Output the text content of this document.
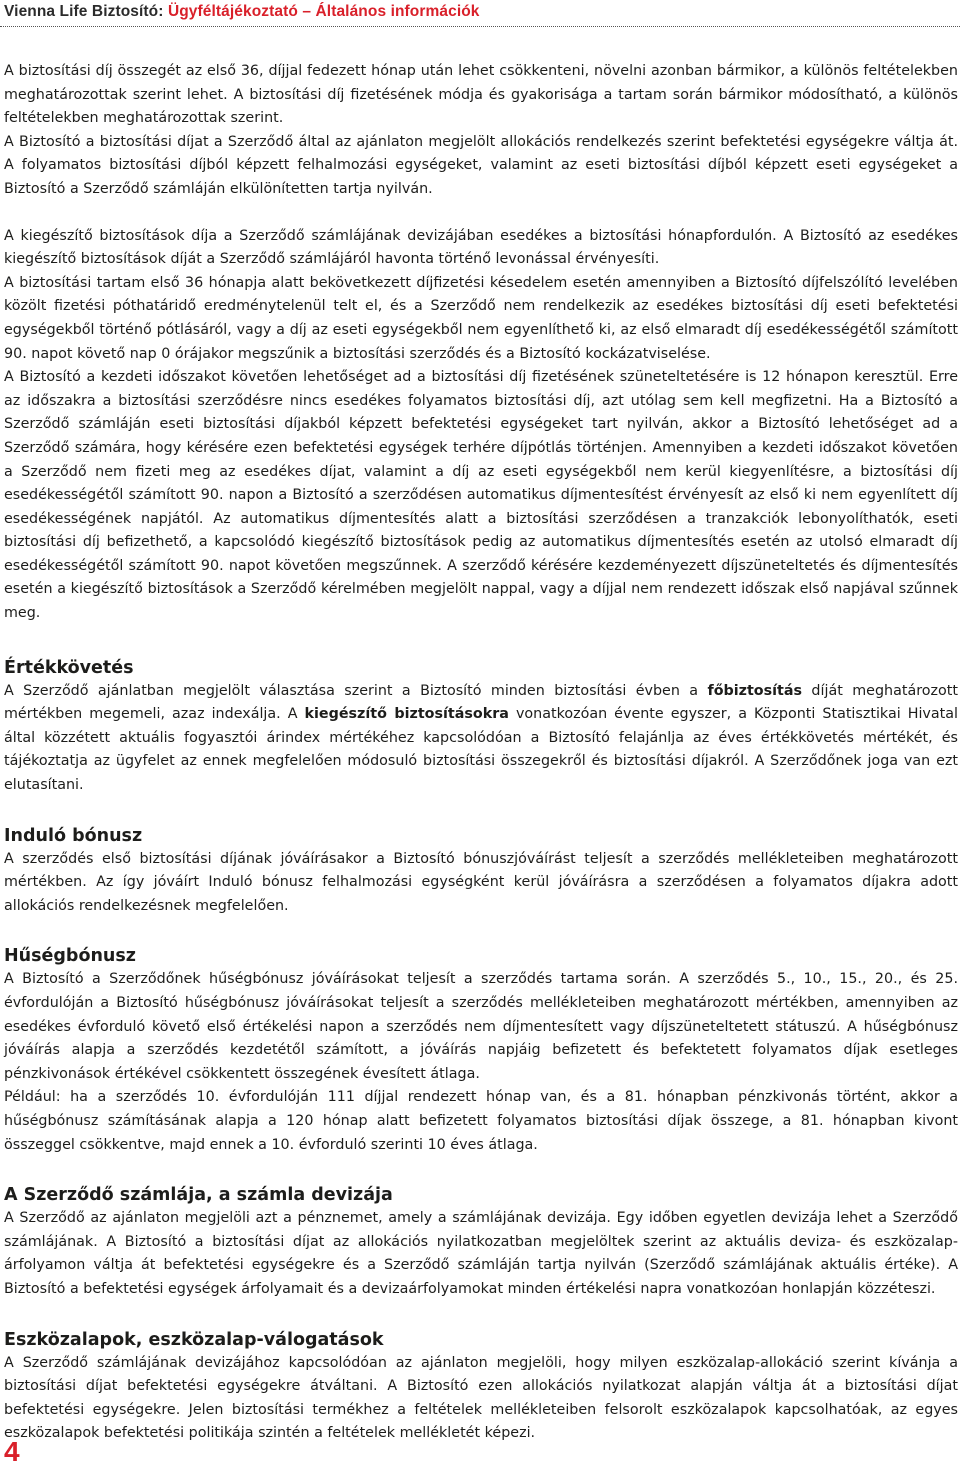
Vienna Life Biztosító: Ügyféltájékoztató – Általános információk

A biztosítási díj összegét az első 36, díjjal fedezett hónap után lehet csökkenteni, növelni azonban bármikor, a különös feltételekben meghatározottak szerint lehet. A biztosítási díj fizetésének módja és gyakorisága a tartam során bármikor módosítható, a különös feltételekben meghatározottak szerint.

A Biztosító a biztosítási díjat a Szerződő által az ajánlaton megjelölt allokációs rendelkezés szerint befektetési egységekre váltja át. A folyamatos biztosítási díjból képzett felhalmozási egységeket, valamint az eseti biztosítási díjból képzett eseti egységeket a Biztosító a Szerződő számláján elkülönítetten tartja nyilván.

A kiegészítő biztosítások díja a Szerződő számlájának devizájában esedékes a biztosítási hónapfordulón. A Biztosító az esedékes kiegészítő biztosítások díját a Szerződő számlájáról havonta történő levonással érvényesíti.

A biztosítási tartam első 36 hónapja alatt bekövetkezett díjfizetési késedelem esetén amennyiben a Biztosító díjfelszólító levelében közölt fizetési póthatáridő eredménytelenül telt el, és a Szerződő nem rendelkezik az esedékes biztosítási díj eseti befektetési egységekből történő pótlásáról, vagy a díj az eseti egységekből nem egyenlíthető ki, az első elmaradt díj esedékességétől számított 90. napot követő nap 0 órájakor megszűnik a biztosítási szerződés és a Biztosító kockázatviselése.

A Biztosító a kezdeti időszakot követően lehetőséget ad a biztosítási díj fizetésének szüneteltetésére is 12 hónapon keresztül. Erre az időszakra a biztosítási szerződésre nincs esedékes folyamatos biztosítási díj, azt utólag sem kell megfizetni. Ha a Biztosító a Szerződő számláján eseti biztosítási díjakból képzett befektetési egységeket tart nyilván, akkor a Biztosító lehetőséget ad a Szerződő számára, hogy kérésére ezen befektetési egységek terhére díjpótlás történjen. Amennyiben a kezdeti időszakot követően a Szerződő nem fizeti meg az esedékes díjat, valamint a díj az eseti egységekből nem kerül kiegyenlítésre, a biztosítási díj esedékességétől számított 90. napon a Biztosító a szerződésen automatikus díjmentesítést érvényesít az első ki nem egyenlített díj esedékességének napjától. Az automatikus díjmentesítés alatt a biztosítási szerződésen a tranzakciók lebonyolíthatók, eseti biztosítási díj befizethető, a kapcsolódó kiegészítő biztosítások pedig az automatikus díjmentesítés esetén az utolsó elmaradt díj esedékességétől számított 90. napot követően megszűnnek. A szerződő kérésére kezdeményezett díjszüneteltetés és díjmentesítés esetén a kiegészítő biztosítások a Szerződő kérelmében megjelölt nappal, vagy a díjjal nem rendezett időszak első napjával szűnnek meg.

Értékkövetés

A Szerződő ajánlatban megjelölt választása szerint a Biztosító minden biztosítási évben a főbiztosítás díját meghatározott mértékben megemeli, azaz indexálja. A kiegészítő biztosításokra vonatkozóan évente egyszer, a Központi Statisztikai Hivatal által közzétett aktuális fogyasztói árindex mértékéhez kapcsolódóan a Biztosító felajánlja az éves értékkövetés mértékét, és tájékoztatja az ügyfelet az ennek megfelelően módosuló biztosítási összegekről és biztosítási díjakról. A Szerződőnek joga van ezt elutasítani.

Induló bónusz

A szerződés első biztosítási díjának jóváírásakor a Biztosító bónuszjóváírást teljesít a szerződés mellékleteiben meghatározott mértékben. Az így jóváírt Induló bónusz felhalmozási egységként kerül jóváírásra a szerződésen a folyamatos díjakra adott allokációs rendelkezésnek megfelelően.

Hűségbónusz

A Biztosító a Szerződőnek hűségbónusz jóváírásokat teljesít a szerződés tartama során. A szerződés 5., 10., 15., 20., és 25. évfordulóján a Biztosító hűségbónusz jóváírásokat teljesít a szerződés mellékleteiben meghatározott mértékben, amennyiben az esedékes évforduló követő első értékelési napon a szerződés nem díjmentesített vagy díjszüneteltetett státuszú. A hűségbónusz jóváírás alapja a szerződés kezdetétől számított, a jóváírás napjáig befizetett és befektetett folyamatos díjak esetleges pénzkivonások értékével csökkentett összegének évesített átlaga.

Például: ha a szerződés 10. évfordulóján 111 díjjal rendezett hónap van, és a 81. hónapban pénzkivonás történt, akkor a hűségbónusz számításának alapja a 120 hónap alatt befizetett folyamatos biztosítási díjak összege, a 81. hónapban kivont összeggel csökkentve, majd ennek a 10. évforduló szerinti 10 éves átlaga.

A Szerződő számlája, a számla devizája

A Szerződő az ajánlaton megjelöli azt a pénznemet, amely a számlájának devizája. Egy időben egyetlen devizája lehet a Szerződő számlájának. A Biztosító a biztosítási díjat az allokációs nyilatkozatban megjelöltek szerint az aktuális deviza- és eszközalap-árfolyamon váltja át befektetési egységekre és a Szerződő számláján tartja nyilván (Szerződő számlájának aktuális értéke). A Biztosító a befektetési egységek árfolyamait és a devizaárfolyamokat minden értékelési napra vonatkozóan honlapján közzéteszi.

Eszközalapok, eszközalap-válogatások

A Szerződő számlájának devizájához kapcsolódóan az ajánlaton megjelöli, hogy milyen eszközalap-allokáció szerint kívánja a biztosítási díjat befektetési egységekre átváltani. A Biztosító ezen allokációs nyilatkozat alapján váltja át a biztosítási díjat befektetési egységekre. Jelen biztosítási termékhez a feltételek mellékleteiben felsorolt eszközalapok kapcsolhatóak, az egyes eszközalapok befektetési politikája szintén a feltételek mellékletét képezi.

4
